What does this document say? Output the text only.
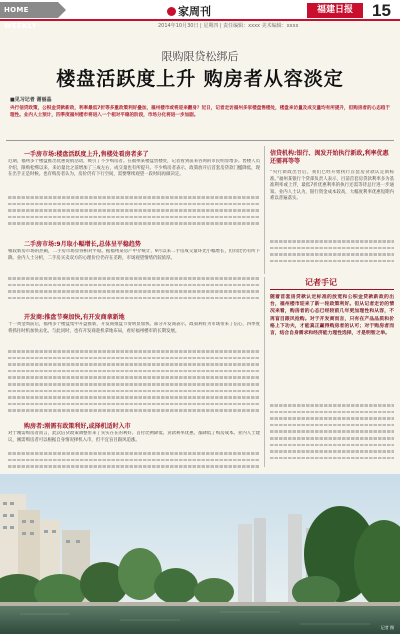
HOME WEEKLY
家周刊	福建日报	15
2014年10月30日 | 星期四 | 责任编辑：xxxx 美术编辑：xxxx
限购限贷松绑后
楼盘活跃度上升 购房者从容淡定
■见习记者 谢丽晶
央行信贷政策，公积金贷款新政，利率最低7折等多重政策利好叠加，福州楼市或将迎来翻身？近日，记者走访福州多家楼盘售楼处，楼盘来访量及成交量均有所提升，但购房者的心态趋于理性。业内人士预计，四季度福州楼市将进入一个相对平稳的阶段，市场分化将进一步加剧。
一手房市场:楼盘活跃度上升,售楼处看房者多了
近期，福州多个楼盘推出优惠促销活动，吸引了不少购房者。在福州某楼盘售楼处，记者看到前来咨询的市民明显增多。售楼人员介绍，限购松绑以来，来访量比之前增加了三成左右，成交量也有所提升。不少购房者表示，政策放开后首套房贷款门槛降低，现在出手正是时候。也有购房者认为，房价仍有下行空间，需要继续观望一段时间再做决定。
二手房市场:9月取小幅增长,总体呈平稳趋势
相较新房市场的热闹，二手房市场显得相对平稳。据福州某房产中介统计，9月以来二手房成交量环比小幅增长，但同比仍有所下降。业内人士分析，二手房买卖双方的心理价位仍存在差距，市场观望情绪仍较浓厚。
开发商:推盘节奏加快,有开发商拿新地
十一黄金周前后，福州多个楼盘集中开盘推新，开发商推盘节奏明显加快。部分开发商表示，政策利好为市场带来了信心，四季度将抓住时机加快去化。与此同时，也有开发商趁机拿地布局，看好福州楼市的长期发展。
购房者:刚需有政策利好,或择机适时入市
对于刚需购房者而言，此次信贷政策调整带来了实实在在的利好。首付比例降低、贷款利率优惠，都降低了购房成本。业内人士建议，刚需购房者可以根据自身情况择机入市，但不宜盲目跟风追涨。
信贷机构:银行、闽发开始执行新政,利率优惠还需再等等
“央行新政出台后，我们已经开始执行首套房贷款认定新标准。”福州某银行个贷部负责人表示，目前首套房贷款利率多为基准利率或上浮，最低7折优惠利率的执行还需等待总行进一步通知。业内人士认为，银行资金成本较高，大幅度利率优惠短期内难以普遍落实。
记者手记
随着首套房贷款认定标准的放宽和公积金贷款新政的出台，福州楼市迎来了新一轮政策利好。但从记者走访的情况来看，购房者的心态已经较前几年更加理性和从容，不再盲目跟风抢购。对于开发商而言，只有在产品品质和价格上下功夫，才能真正赢得购房者的认可；对于购房者而言，结合自身需求和经济能力理性选择，才是明智之举。
记者 摄
